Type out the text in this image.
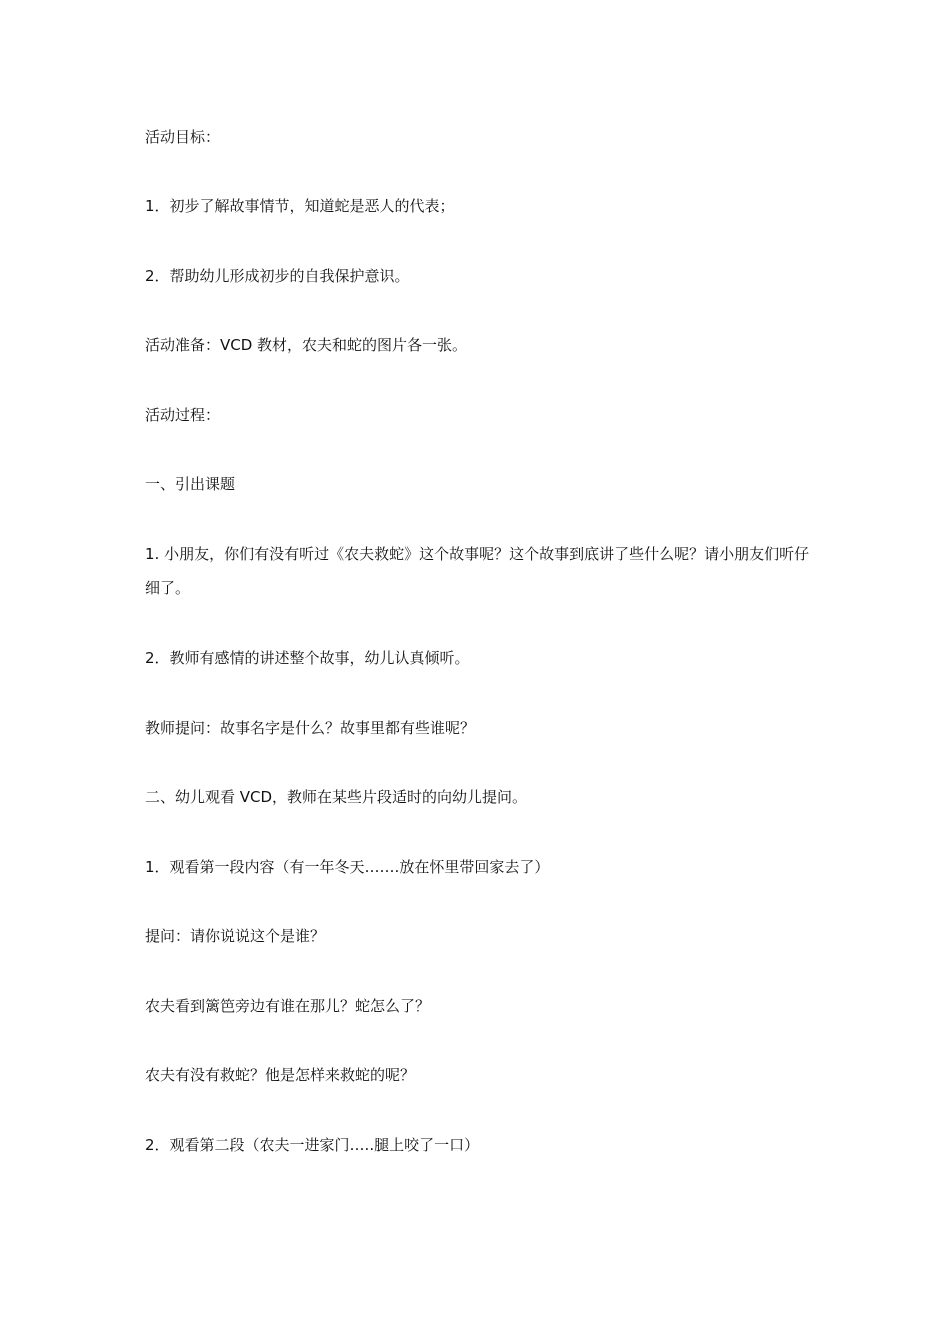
活动目标：

1．初步了解故事情节，知道蛇是恶人的代表；

2．帮助幼儿形成初步的自我保护意识。

活动准备：VCD 教材，农夫和蛇的图片各一张。

活动过程：

一、引出课题

1. 小朋友，你们有没有听过《农夫救蛇》这个故事呢？这个故事到底讲了些什么呢？请小朋友们听仔细了。

2．教师有感情的讲述整个故事，幼儿认真倾听。

教师提问：故事名字是什么？故事里都有些谁呢？

二、幼儿观看 VCD，教师在某些片段适时的向幼儿提问。

1．观看第一段内容（有一年冬天…….放在怀里带回家去了）

提问：请你说说这个是谁？

农夫看到篱笆旁边有谁在那儿？蛇怎么了？

农夫有没有救蛇？他是怎样来救蛇的呢？

2．观看第二段（农夫一进家门…..腿上咬了一口）
